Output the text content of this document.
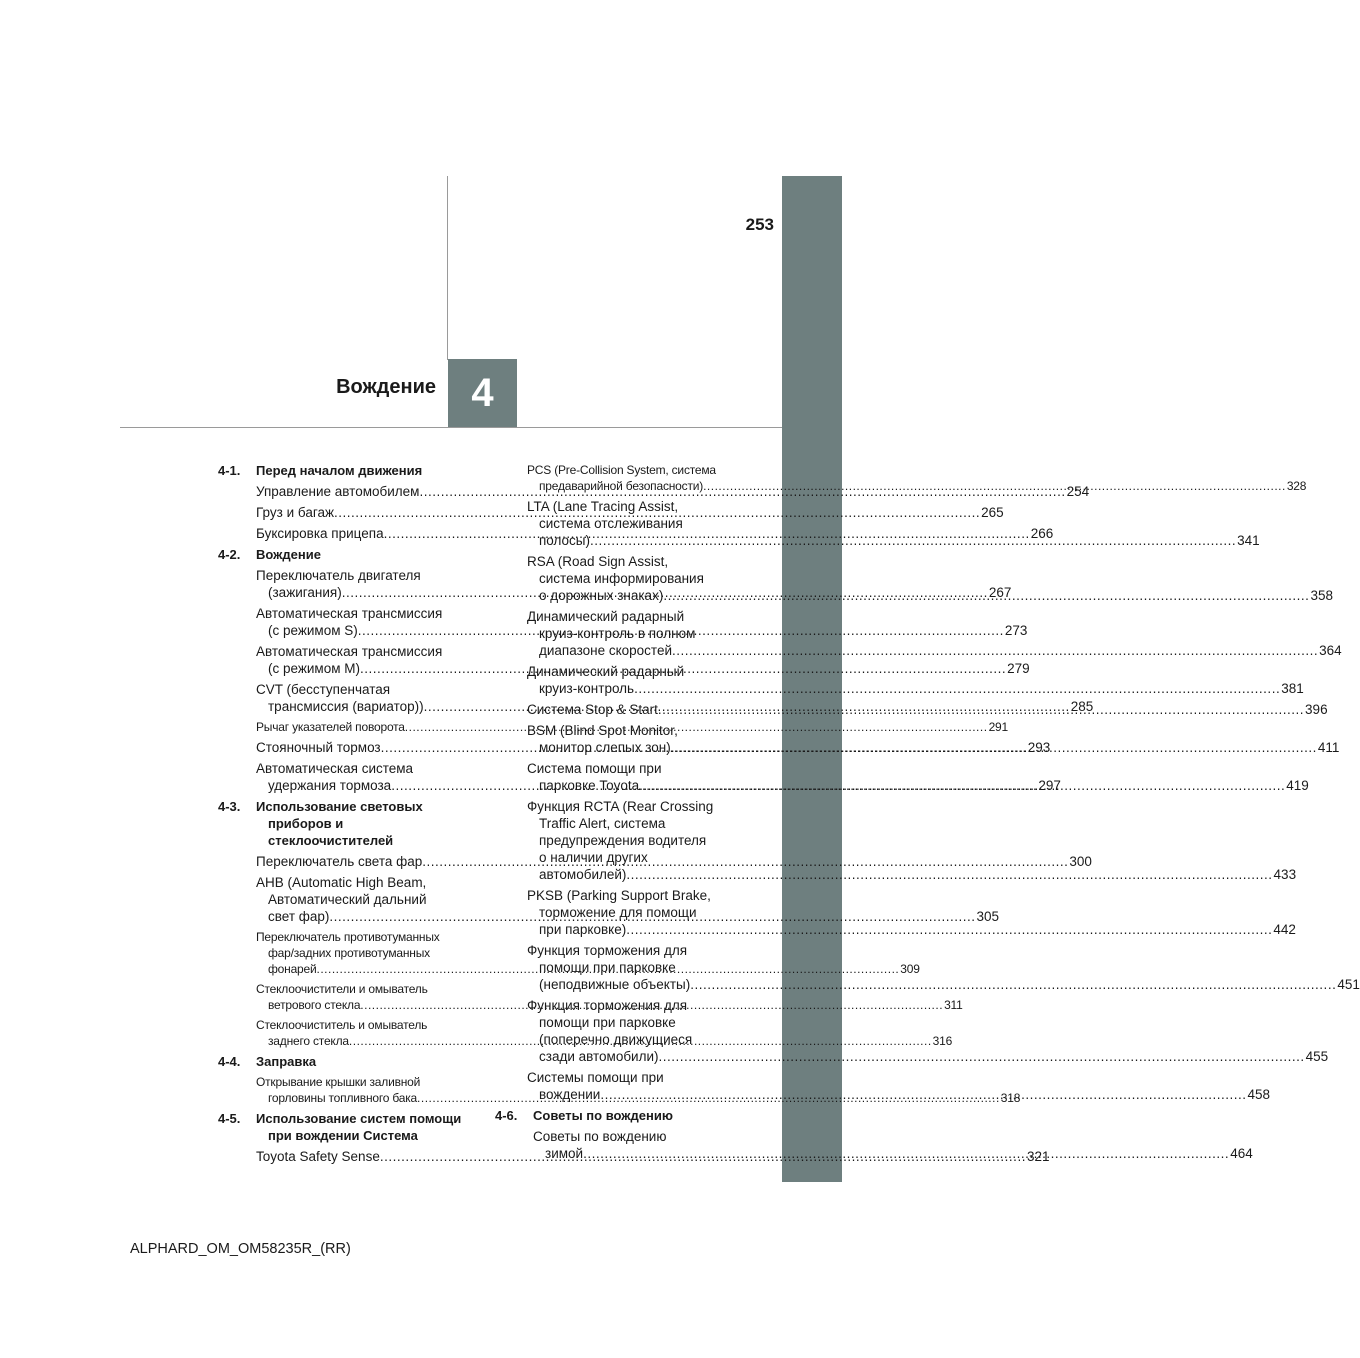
253
Вождение 4
4-1.	Перед началом движения
Управление автомобилем .....	254
Груз и багаж .....	265
Буксировка прицепа .....	266
4-2.	Вождение
Переключатель двигателя
(зажигания) .....	267
Автоматическая трансмиссия
(с режимом S) .....	273
Автоматическая трансмиссия
(с режимом M) .....	279
CVT (бесступенчатая
трансмиссия (вариатор)) .....	285
Рычаг указателей поворота .....	291
Стояночный тормоз .....	293
Автоматическая система
удержания тормоза .....	297
4-3.	Использование световых
приборов и стеклоочистителей
Переключатель света фар .....	300
AHB (Automatic High Beam,
Автоматический дальний
свет фар) .....	305
Переключатель противотуманных
фар/задних противотуманных
фонарей .....	309
Стеклоочистители и омыватель
ветрового стекла .....	311
Стеклоочиститель и омыватель
заднего стекла .....	316
4-4.	Заправка
Открывание крышки заливной
горловины топливного бака .....	318
4-5.	Использование систем помощи
при вождении Система
Toyota Safety Sense .....	321
PCS (Pre-Collision System, система
предаварийной безопасности) .....	328
LTA (Lane Tracing Assist,
система отслеживания
полосы) .....	341
RSA (Road Sign Assist,
система информирования
о дорожных знаках) .....	358
Динамический радарный
круиз-контроль в полном
диапазоне скоростей .....	364
Динамический радарный
круиз-контроль .....	381
Система Stop & Start .....	396
BSM (Blind Spot Monitor,
монитор слепых зон) .....	411
Система помощи при
парковке Toyota .....	419
Функция RCTA (Rear Crossing
Traffic Alert, система
предупреждения водителя
о наличии других
автомобилей) .....	433
PKSB (Parking Support Brake,
торможение для помощи
при парковке) .....	442
Функция торможения для
помощи при парковке
(неподвижные объекты) .....	451
Функция торможения для
помощи при парковке
(поперечно движущиеся
сзади автомобили) .....	455
Системы помощи при
вождении .....	458
4-6.	Советы по вождению
Советы по вождению
зимой .....	464
ALPHARD_OM_OM58235R_(RR)
